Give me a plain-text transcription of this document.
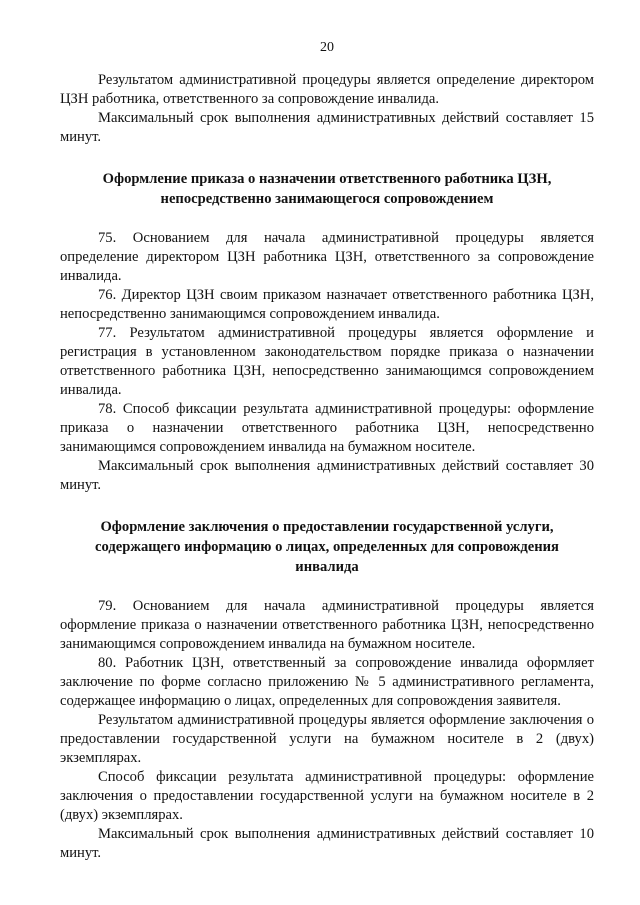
20

Результатом административной процедуры является определение директором ЦЗН работника, ответственного за сопровождение инвалида.

Максимальный срок выполнения административных действий составляет 15 минут.

Оформление приказа о назначении ответственного работника ЦЗН,
непосредственно занимающегося сопровождением

75. Основанием для начала административной процедуры является определение директором ЦЗН работника ЦЗН, ответственного за сопровождение инвалида.

76. Директор ЦЗН своим приказом назначает ответственного работника ЦЗН, непосредственно занимающимся сопровождением инвалида.

77. Результатом административной процедуры является оформление и регистрация в установленном законодательством порядке приказа о назначении ответственного работника ЦЗН, непосредственно занимающимся сопровождением инвалида.

78. Способ фиксации результата административной процедуры: оформление приказа о назначении ответственного работника ЦЗН, непосредственно занимающимся сопровождением инвалида на бумажном носителе.

Максимальный срок выполнения административных действий составляет 30 минут.

Оформление заключения о предоставлении государственной услуги,
содержащего информацию о лицах, определенных для сопровождения
инвалида

79. Основанием для начала административной процедуры является оформление приказа о назначении ответственного работника ЦЗН, непосредственно занимающимся сопровождением инвалида на бумажном носителе.

80. Работник ЦЗН, ответственный за сопровождение инвалида оформляет заключение по форме согласно приложению № 5 административного регламента, содержащее информацию о лицах, определенных для сопровождения заявителя.

Результатом административной процедуры является оформление заключения о предоставлении государственной услуги на бумажном носителе в 2 (двух) экземплярах.

Способ фиксации результата административной процедуры: оформление заключения о предоставлении государственной услуги на бумажном носителе в 2 (двух) экземплярах.

Максимальный срок выполнения административных действий составляет 10 минут.
